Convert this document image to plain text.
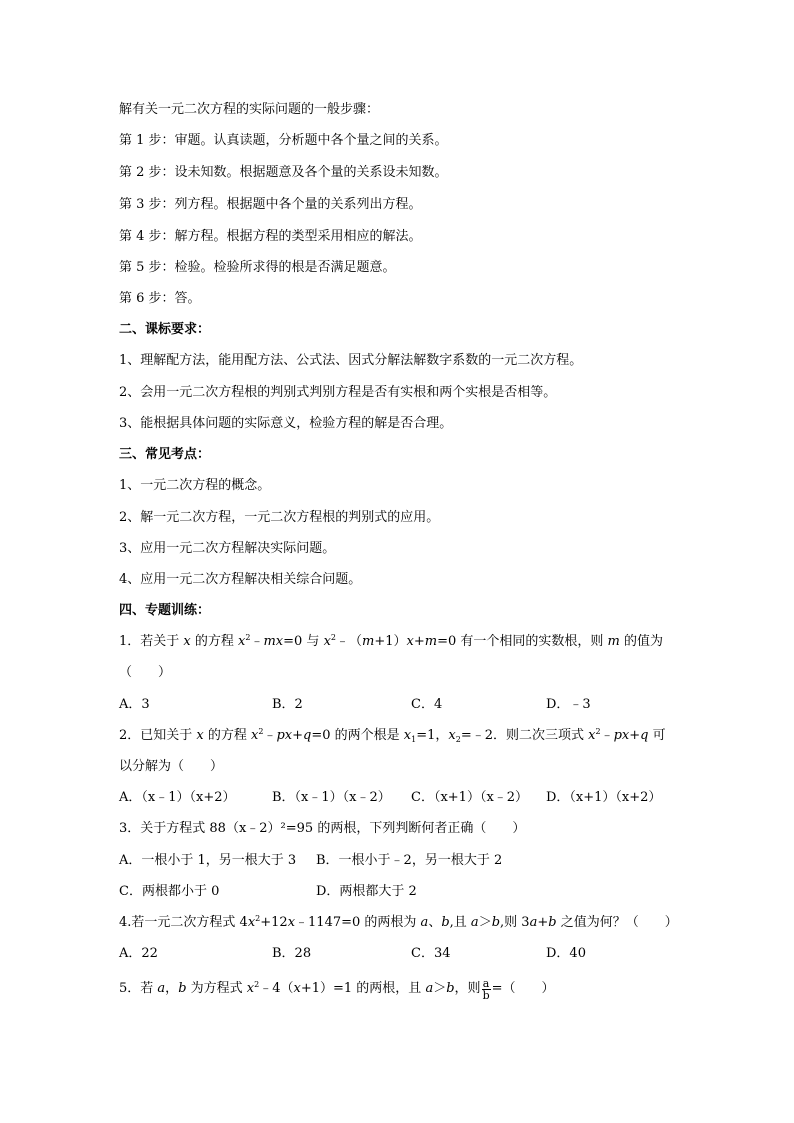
解有关一元二次方程的实际问题的一般步骤：
第 1 步：审题。认真读题，分析题中各个量之间的关系。
第 2 步：设未知数。根据题意及各个量的关系设未知数。
第 3 步：列方程。根据题中各个量的关系列出方程。
第 4 步：解方程。根据方程的类型采用相应的解法。
第 5 步：检验。检验所求得的根是否满足题意。
第 6 步：答。
二、课标要求：
1、理解配方法，能用配方法、公式法、因式分解法解数字系数的一元二次方程。
2、会用一元二次方程根的判别式判别方程是否有实根和两个实根是否相等。
3、能根据具体问题的实际意义，检验方程的解是否合理。
三、常见考点：
1、一元二次方程的概念。
2、解一元二次方程，一元二次方程根的判别式的应用。
3、应用一元二次方程解决实际问题。
4、应用一元二次方程解决相关综合问题。
四、专题训练：
1．若关于 x 的方程 $x^2﹣mx=0$ 与 $x^2﹣(m+1)x+m=0$ 有一个相同的实数根，则 m 的值为
（　　）
A．3	B．2	C．4	D．﹣3
2．已知关于 x 的方程 $x^2﹣px+q=0$ 的两个根是 $x_1=1$，$x_2=﹣2$．则二次三项式 $x^2﹣px+q$ 可
以分解为（　　）
A．（x﹣1）（x+2）	B．（x﹣1）（x﹣2） C．（x+1）（x﹣2） D．（x+1）（x+2）
3．关于方程式 88（x﹣2）²=95 的两根，下列判断何者正确（　　）
A．一根小于 1，另一根大于 3 B．一根小于﹣2，另一根大于 2
C．两根都小于 0	D．两根都大于 2
4.若一元二次方程式 $4x^2+12x﹣1147=0$ 的两根为 a、b,且 a＞b,则 3a+b 之值为何？（　　）
A．22	B．28	C．34	D．40
5．若 a，b 为方程式 $x^2﹣4(x+1)=1$ 的两根，且 a＞b，则 $\frac{a}{b}$ =（　　）
